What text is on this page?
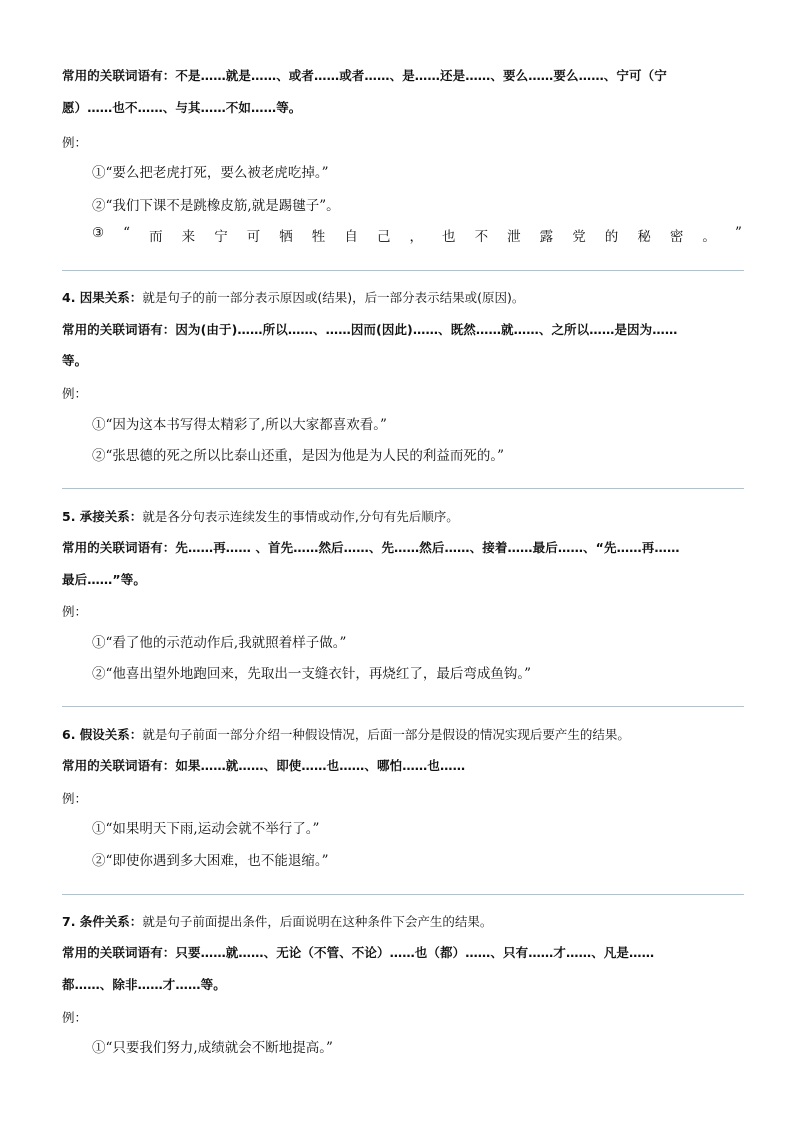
常用的关联词语有：不是……就是……、或者……或者……、是……还是……、要么……要么……、宁可（宁
愿）……也不……、与其……不如……等。
例：
①“要么把老虎打死，要么被老虎吃掉。”
②“我们下课不是跳橡皮筋,就是踢毽子”。
③ “ 而 来 宁 可 牺 牲 自 己 ， 也 不 泄 露 党 的 秘 密 。 ”
4. 因果关系：就是句子的前一部分表示原因或(结果)，后一部分表示结果或(原因)。
常用的关联词语有：因为(由于)……所以……、……因而(因此)……、既然……就……、之所以……是因为……
等。
例：
①“因为这本书写得太精彩了,所以大家都喜欢看。”
②“张思德的死之所以比泰山还重，是因为他是为人民的利益而死的。”
5. 承接关系：就是各分句表示连续发生的事情或动作,分句有先后顺序。
常用的关联词语有：先……再…… 、首先……然后……、先……然后……、接着……最后……、“先……再……
最后……”等。
例：
①“看了他的示范动作后,我就照着样子做。”
②“他喜出望外地跑回来，先取出一支缝衣针，再烧红了，最后弯成鱼钩。”
6. 假设关系：就是句子前面一部分介绍一种假设情况，后面一部分是假设的情况实现后要产生的结果。
常用的关联词语有：如果……就……、即使……也……、哪怕……也……
例：
①“如果明天下雨,运动会就不举行了。”
②“即使你遇到多大困难，也不能退缩。”
7. 条件关系：就是句子前面提出条件，后面说明在这种条件下会产生的结果。
常用的关联词语有：只要……就……、无论（不管、不论）……也（都）……、只有……才……、凡是……
都……、除非……才……等。
例：
①“只要我们努力,成绩就会不断地提高。”
